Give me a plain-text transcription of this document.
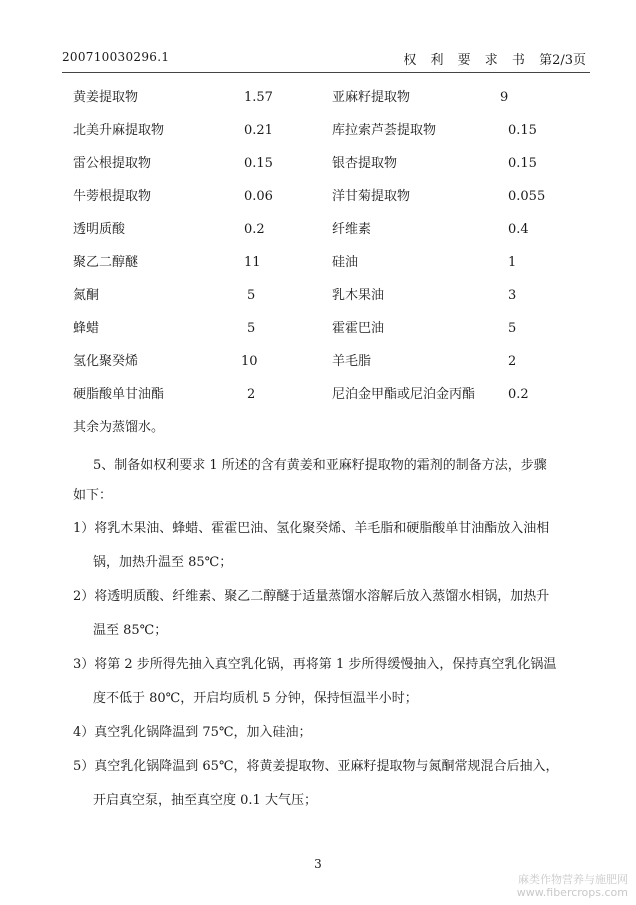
200710030296.1	权 利 要 求 书 第2/3页
黄姜提取物	1.57	亚麻籽提取物	9
北美升麻提取物	0.21	库拉索芦荟提取物	0.15
雷公根提取物	0.15	银杏提取物	0.15
牛蒡根提取物	0.06	洋甘菊提取物	0.055
透明质酸	0.2	纤维素	0.4
聚乙二醇醚	11	硅油	1
氮酮	5	乳木果油	3
蜂蜡	5	霍霍巴油	5
氢化聚癸烯	10	羊毛脂	2
硬脂酸单甘油酯	2	尼泊金甲酯或尼泊金丙酯	0.2
其余为蒸馏水。
5、制备如权利要求 1 所述的含有黄姜和亚麻籽提取物的霜剂的制备方法，步骤
如下：
1）将乳木果油、蜂蜡、霍霍巴油、氢化聚癸烯、羊毛脂和硬脂酸单甘油酯放入油相
锅，加热升温至 85℃；
2）将透明质酸、纤维素、聚乙二醇醚于适量蒸馏水溶解后放入蒸馏水相锅，加热升
温至 85℃；
3）将第 2 步所得先抽入真空乳化锅，再将第 1 步所得缓慢抽入，保持真空乳化锅温
度不低于 80℃，开启均质机 5 分钟，保持恒温半小时；
4）真空乳化锅降温到 75℃，加入硅油；
5）真空乳化锅降温到 65℃，将黄姜提取物、亚麻籽提取物与氮酮常规混合后抽入，
开启真空泵，抽至真空度 0.1 大气压；
3
麻类作物营养与施肥网
www.fibercrops.com
